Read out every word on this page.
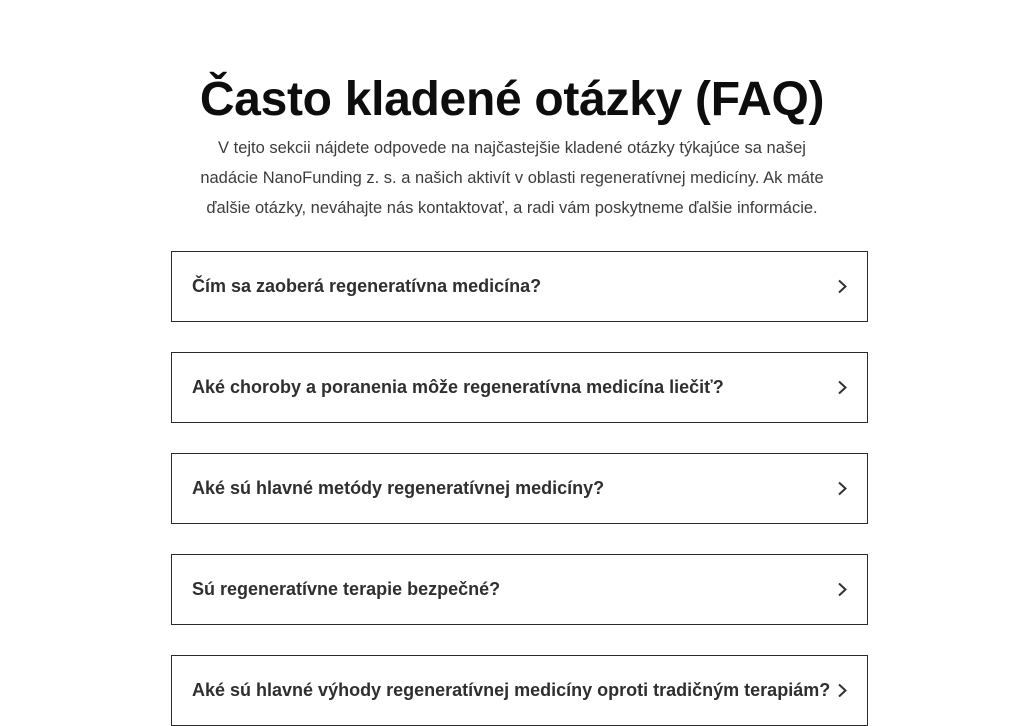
Často kladené otázky (FAQ)

V tejto sekcii nájdete odpovede na najčastejšie kladené otázky týkajúce sa našej
nadácie NanoFunding z. s. a našich aktivít v oblasti regeneratívnej medicíny. Ak máte
ďalšie otázky, neváhajte nás kontaktovať, a radi vám poskytneme ďalšie informácie.

Čím sa zaoberá regeneratívna medicína?
Aké choroby a poranenia môže regeneratívna medicína liečiť?
Aké sú hlavné metódy regeneratívnej medicíny?
Sú regeneratívne terapie bezpečné?
Aké sú hlavné výhody regeneratívnej medicíny oproti tradičným terapiám?
